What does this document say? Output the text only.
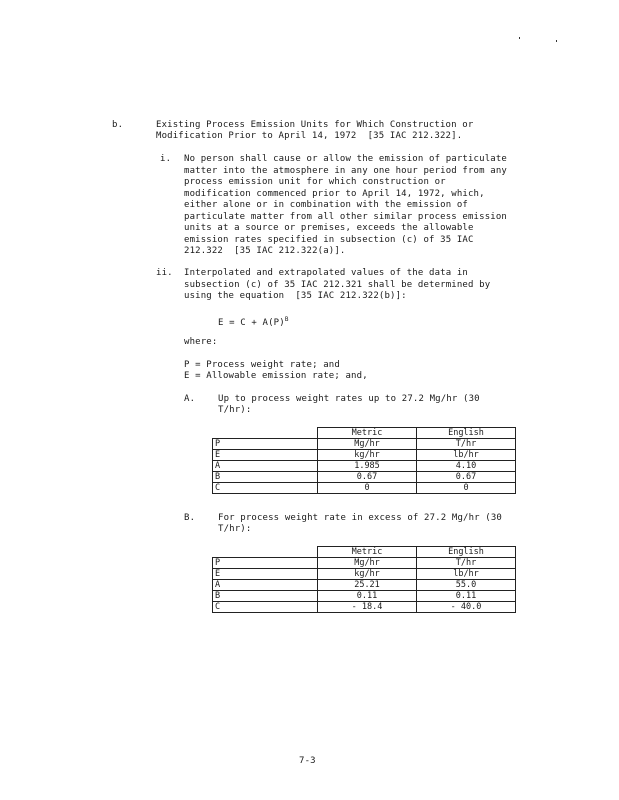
b.	Existing Process Emission Units for Which Construction or
Modification Prior to April 14, 1972  [35 IAC 212.322].
i. No person shall cause or allow the emission of particulate
matter into the atmosphere in any one hour period from any
process emission unit for which construction or
modification commenced prior to April 14, 1972, which,
either alone or in combination with the emission of
particulate matter from all other similar process emission
units at a source or premises, exceeds the allowable
emission rates specified in subsection (c) of 35 IAC
212.322  [35 IAC 212.322(a)].
ii. Interpolated and extrapolated values of the data in
subsection (c) of 35 IAC 212.321 shall be determined by
using the equation  [35 IAC 212.322(b)]:
$E = C + A(P)^B$
where:
P = Process weight rate; and
E = Allowable emission rate; and,
A.	Up to process weight rates up to 27.2 Mg/hr (30
T/hr):
	Metric	English
P	Mg/hr	T/hr
E	kg/hr	lb/hr
A	1.985	4.10
B	0.67	0.67
C	0	0
B.	For process weight rate in excess of 27.2 Mg/hr (30
T/hr):
	Metric	English
P	Mg/hr	T/hr
E	kg/hr	lb/hr
A	25.21	55.0
B	0.11	0.11
C	- 18.4	- 40.0
7-3
